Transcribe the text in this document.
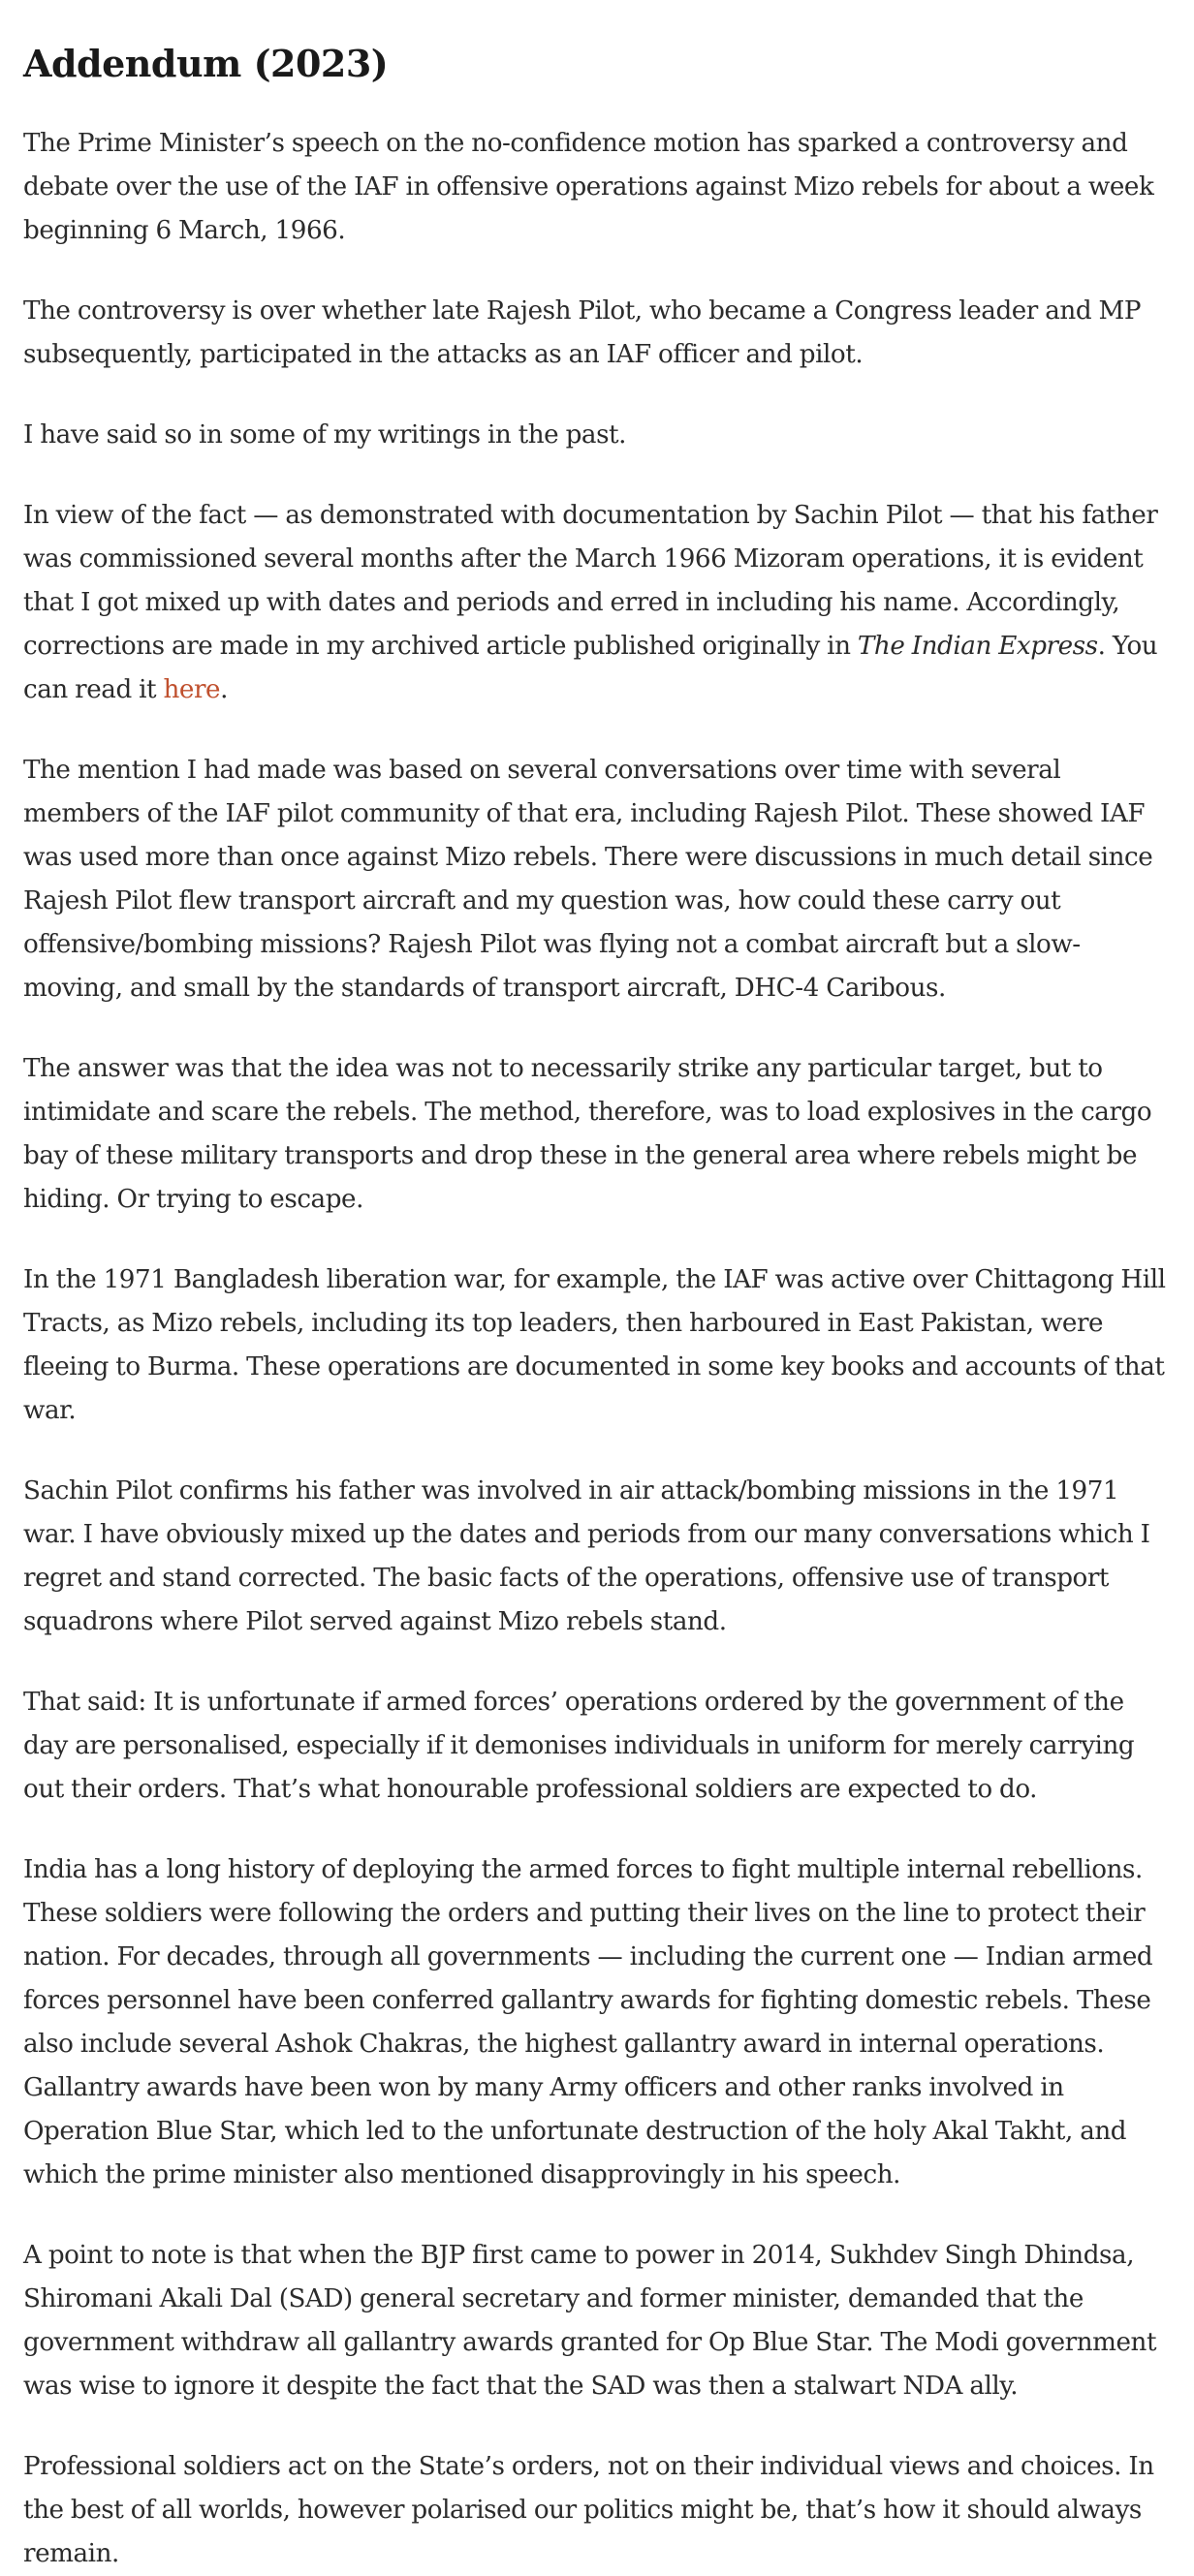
Addendum (2023)

The Prime Minister’s speech on the no-confidence motion has sparked a controversy and debate over the use of the IAF in offensive operations against Mizo rebels for about a week beginning 6 March, 1966.

The controversy is over whether late Rajesh Pilot, who became a Congress leader and MP subsequently, participated in the attacks as an IAF officer and pilot.

I have said so in some of my writings in the past.

In view of the fact — as demonstrated with documentation by Sachin Pilot — that his father was commissioned several months after the March 1966 Mizoram operations, it is evident that I got mixed up with dates and periods and erred in including his name. Accordingly, corrections are made in my archived article published originally in The Indian Express. You can read it here.

The mention I had made was based on several conversations over time with several members of the IAF pilot community of that era, including Rajesh Pilot. These showed IAF was used more than once against Mizo rebels. There were discussions in much detail since Rajesh Pilot flew transport aircraft and my question was, how could these carry out offensive/bombing missions? Rajesh Pilot was flying not a combat aircraft but a slow-moving, and small by the standards of transport aircraft, DHC-4 Caribous.

The answer was that the idea was not to necessarily strike any particular target, but to intimidate and scare the rebels. The method, therefore, was to load explosives in the cargo bay of these military transports and drop these in the general area where rebels might be hiding. Or trying to escape.

In the 1971 Bangladesh liberation war, for example, the IAF was active over Chittagong Hill Tracts, as Mizo rebels, including its top leaders, then harboured in East Pakistan, were fleeing to Burma. These operations are documented in some key books and accounts of that war.

Sachin Pilot confirms his father was involved in air attack/bombing missions in the 1971 war. I have obviously mixed up the dates and periods from our many conversations which I regret and stand corrected. The basic facts of the operations, offensive use of transport squadrons where Pilot served against Mizo rebels stand.

That said: It is unfortunate if armed forces’ operations ordered by the government of the day are personalised, especially if it demonises individuals in uniform for merely carrying out their orders. That’s what honourable professional soldiers are expected to do.

India has a long history of deploying the armed forces to fight multiple internal rebellions. These soldiers were following the orders and putting their lives on the line to protect their nation. For decades, through all governments — including the current one — Indian armed forces personnel have been conferred gallantry awards for fighting domestic rebels. These also include several Ashok Chakras, the highest gallantry award in internal operations. Gallantry awards have been won by many Army officers and other ranks involved in Operation Blue Star, which led to the unfortunate destruction of the holy Akal Takht, and which the prime minister also mentioned disapprovingly in his speech.

A point to note is that when the BJP first came to power in 2014, Sukhdev Singh Dhindsa, Shiromani Akali Dal (SAD) general secretary and former minister, demanded that the government withdraw all gallantry awards granted for Op Blue Star. The Modi government was wise to ignore it despite the fact that the SAD was then a stalwart NDA ally.

Professional soldiers act on the State’s orders, not on their individual views and choices. In the best of all worlds, however polarised our politics might be, that’s how it should always remain.
